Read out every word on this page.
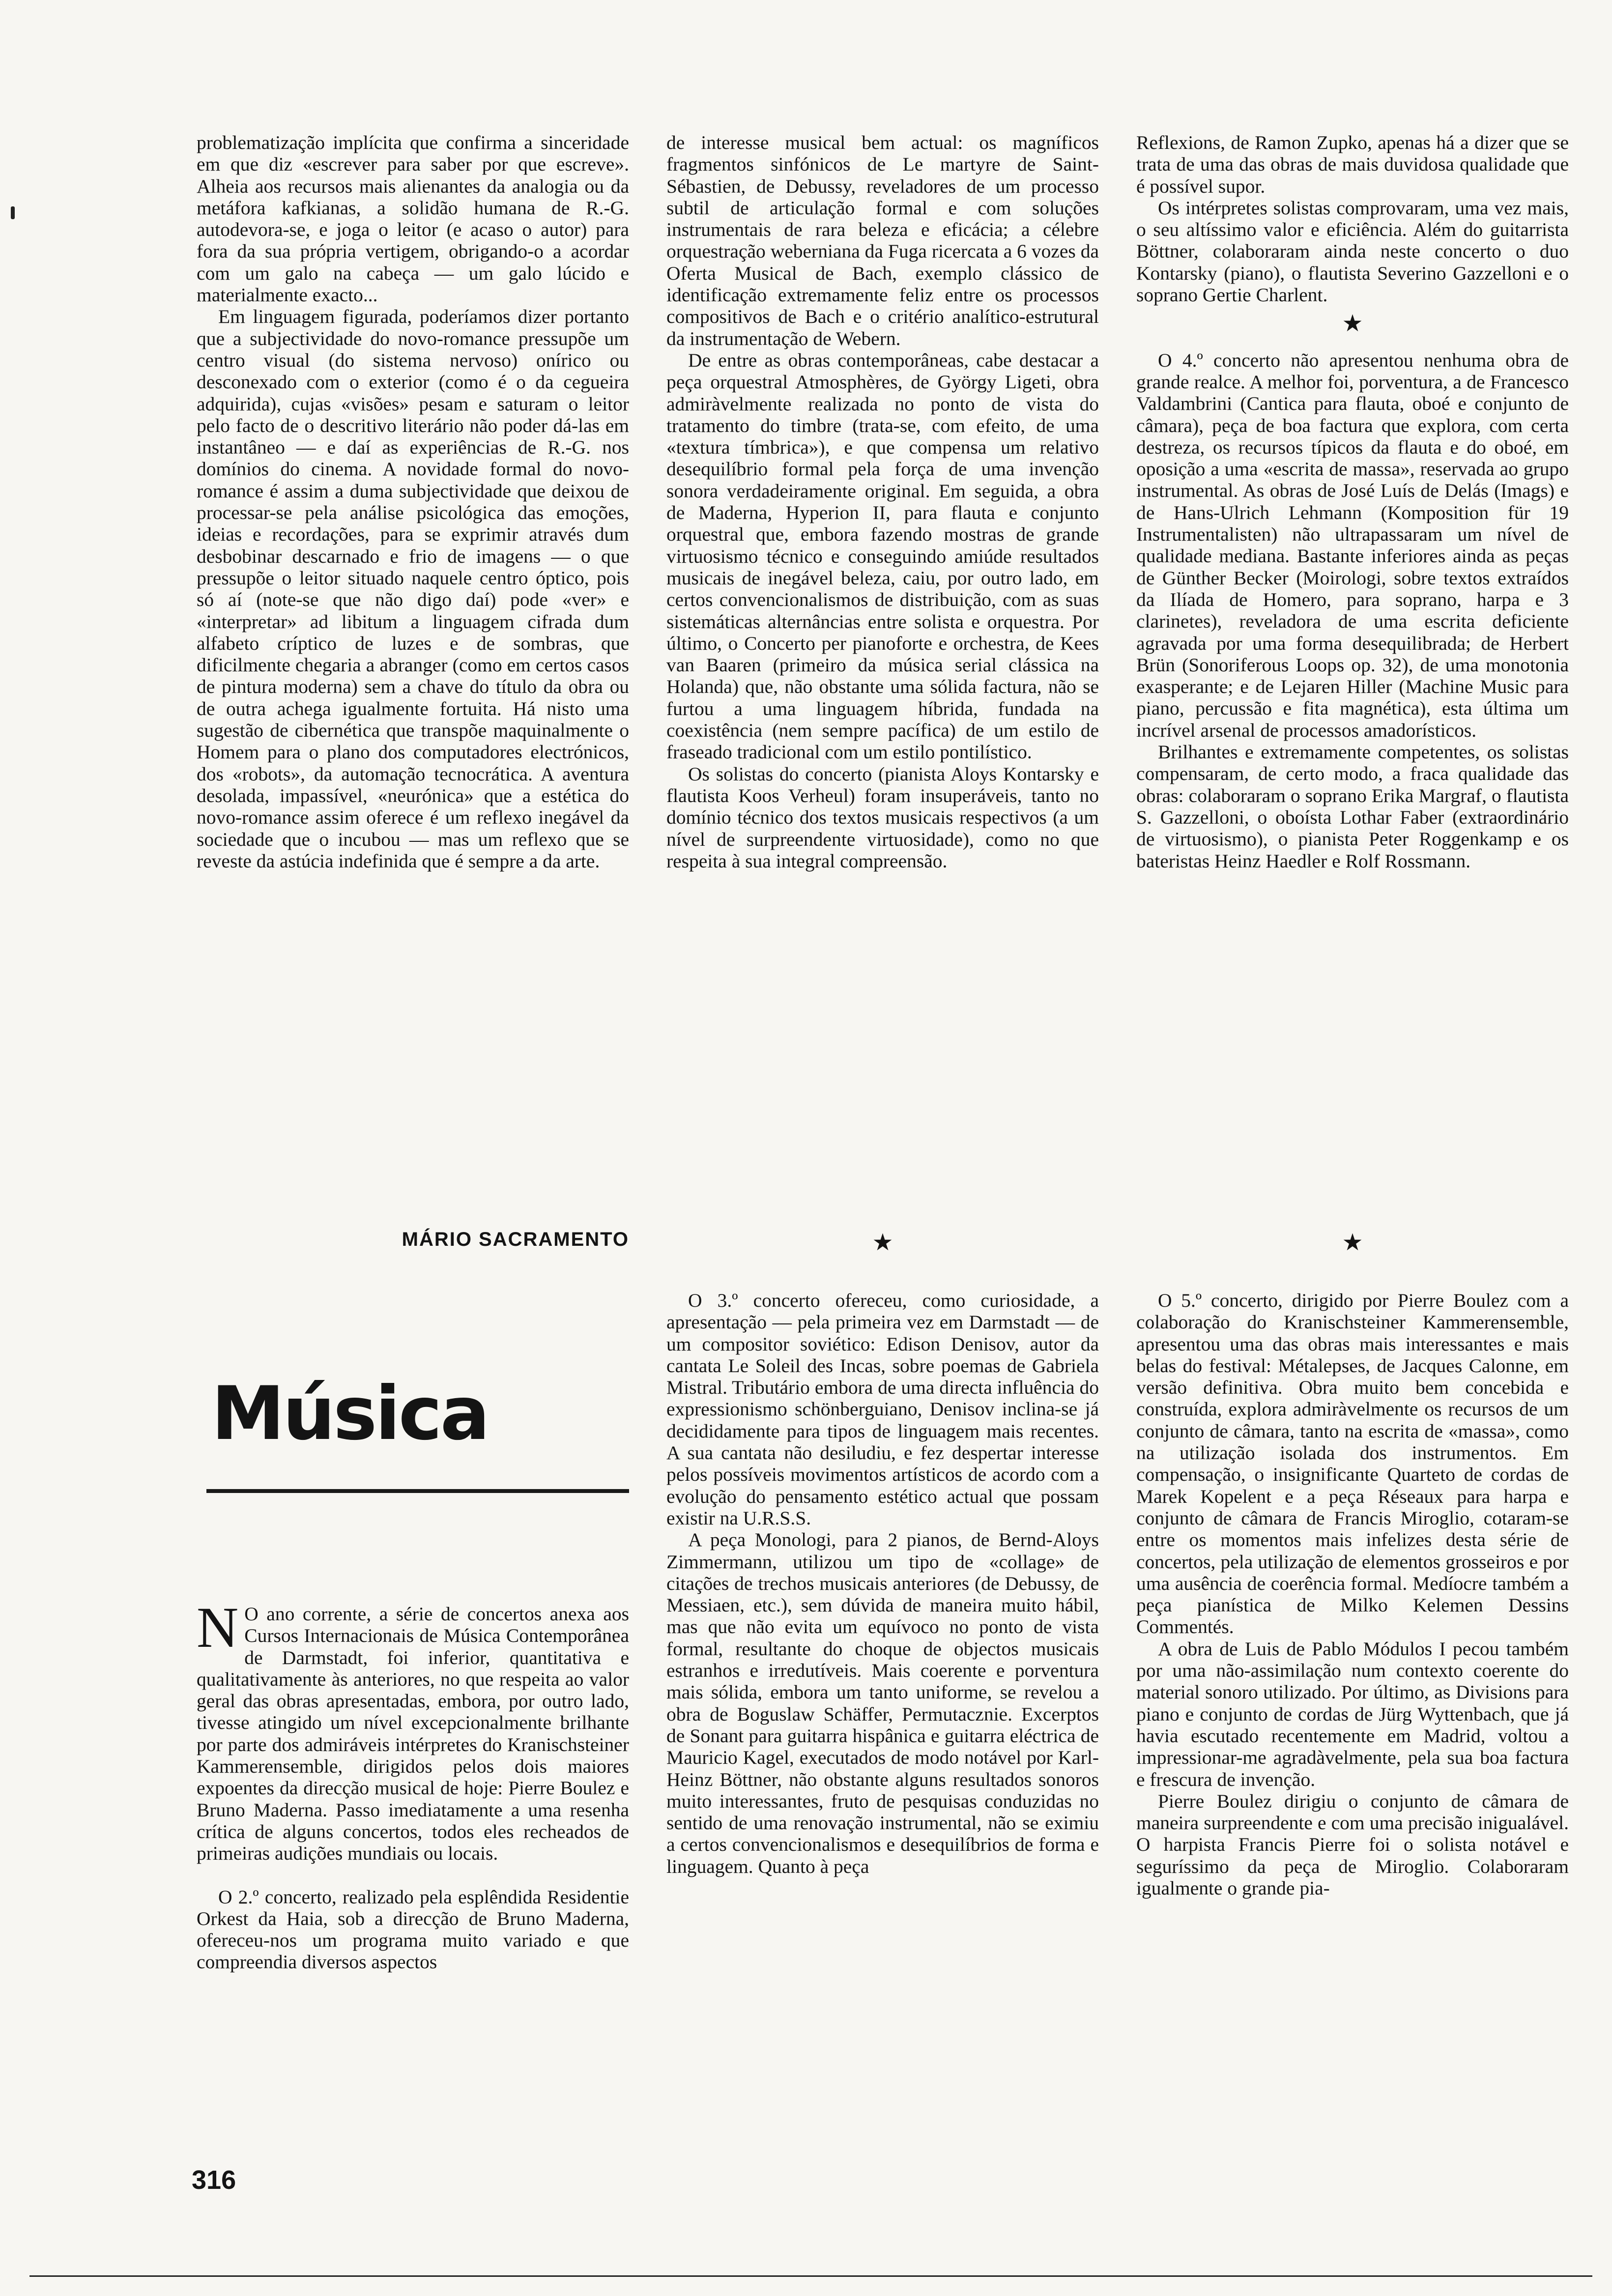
problematização implícita que confirma a sinceridade em que diz «escrever para saber por que escreve». Alheia aos recursos mais alienantes da analogia ou da metáfora kafkianas, a solidão humana de R.-G. autodevora-se, e joga o leitor (e acaso o autor) para fora da sua própria vertigem, obrigando-o a acordar com um galo na cabeça — um galo lúcido e materialmente exacto...

Em linguagem figurada, poderíamos dizer portanto que a subjectividade do novo-romance pressupõe um centro visual (do sistema nervoso) onírico ou desconexado com o exterior (como é o da cegueira adquirida), cujas «visões» pesam e saturam o leitor pelo facto de o descritivo literário não poder dá-las em instantâneo — e daí as experiências de R.-G. nos domínios do cinema. A novidade formal do novo-romance é assim a duma subjectividade que deixou de processar-se pela análise psicológica das emoções, ideias e recordações, para se exprimir através dum desbobinar descarnado e frio de imagens — o que pressupõe o leitor situado naquele centro óptico, pois só aí (note-se que não digo daí) pode «ver» e «interpretar» ad libitum a linguagem cifrada dum alfabeto críptico de luzes e de sombras, que dificilmente chegaria a abranger (como em certos casos de pintura moderna) sem a chave do título da obra ou de outra achega igualmente fortuita. Há nisto uma sugestão de cibernética que transpõe maquinalmente o Homem para o plano dos computadores electrónicos, dos «robots», da automação tecnocrática. A aventura desolada, impassível, «neurónica» que a estética do novo-romance assim oferece é um reflexo inegável da sociedade que o incubou — mas um reflexo que se reveste da astúcia indefinida que é sempre a da arte.

MÁRIO SACRAMENTO
Música

N O ano corrente, a série de concertos anexa aos Cursos Internacionais de Música Contemporânea de Darmstadt, foi inferior, quantitativa e qualitativamente às anteriores, no que respeita ao valor geral das obras apresentadas, embora, por outro lado, tivesse atingido um nível excepcionalmente brilhante por parte dos admiráveis intérpretes do Kranischsteiner Kammerensemble, dirigidos pelos dois maiores expoentes da direcção musical de hoje: Pierre Boulez e Bruno Maderna. Passo imediatamente a uma resenha crítica de alguns concertos, todos eles recheados de primeiras audições mundiais ou locais.

O 2.º concerto, realizado pela esplêndida Residentie Orkest da Haia, sob a direcção de Bruno Maderna, ofereceu-nos um programa muito variado e que compreendia diversos aspectos

de interesse musical bem actual: os magníficos fragmentos sinfónicos de Le martyre de Saint-Sébastien, de Debussy, reveladores de um processo subtil de articulação formal e com soluções instrumentais de rara beleza e eficácia; a célebre orquestração weberniana da Fuga ricercata a 6 vozes da Oferta Musical de Bach, exemplo clássico de identificação extremamente feliz entre os processos compositivos de Bach e o critério analítico-estrutural da instrumentação de Webern.

De entre as obras contemporâneas, cabe destacar a peça orquestral Atmosphères, de György Ligeti, obra admiràvelmente realizada no ponto de vista do tratamento do timbre (trata-se, com efeito, de uma «textura tímbrica»), e que compensa um relativo desequilíbrio formal pela força de uma invenção sonora verdadeiramente original. Em seguida, a obra de Maderna, Hyperion II, para flauta e conjunto orquestral que, embora fazendo mostras de grande virtuosismo técnico e conseguindo amiúde resultados musicais de inegável beleza, caiu, por outro lado, em certos convencionalismos de distribuição, com as suas sistemáticas alternâncias entre solista e orquestra. Por último, o Concerto per pianoforte e orchestra, de Kees van Baaren (primeiro da música serial clássica na Holanda) que, não obstante uma sólida factura, não se furtou a uma linguagem híbrida, fundada na coexistência (nem sempre pacífica) de um estilo de fraseado tradicional com um estilo pontilístico.

Os solistas do concerto (pianista Aloys Kontarsky e flautista Koos Verheul) foram insuperáveis, tanto no domínio técnico dos textos musicais respectivos (a um nível de surpreendente virtuosidade), como no que respeita à sua integral compreensão.

★

O 3.º concerto ofereceu, como curiosidade, a apresentação — pela primeira vez em Darmstadt — de um compositor soviético: Edison Denisov, autor da cantata Le Soleil des Incas, sobre poemas de Gabriela Mistral. Tributário embora de uma directa influência do expressionismo schönberguiano, Denisov inclina-se já decididamente para tipos de linguagem mais recentes. A sua cantata não desiludiu, e fez despertar interesse pelos possíveis movimentos artísticos de acordo com a evolução do pensamento estético actual que possam existir na U.R.S.S.

A peça Monologi, para 2 pianos, de Bernd-Aloys Zimmermann, utilizou um tipo de «collage» de citações de trechos musicais anteriores (de Debussy, de Messiaen, etc.), sem dúvida de maneira muito hábil, mas que não evita um equívoco no ponto de vista formal, resultante do choque de objectos musicais estranhos e irredutíveis. Mais coerente e porventura mais sólida, embora um tanto uniforme, se revelou a obra de Boguslaw Schäffer, Permutacznie. Excerptos de Sonant para guitarra hispânica e guitarra eléctrica de Mauricio Kagel, executados de modo notável por Karl-Heinz Böttner, não obstante alguns resultados sonoros muito interessantes, fruto de pesquisas conduzidas no sentido de uma renovação instrumental, não se eximiu a certos convencionalismos e desequilíbrios de forma e linguagem. Quanto à peça

Reflexions, de Ramon Zupko, apenas há a dizer que se trata de uma das obras de mais duvidosa qualidade que é possível supor.

Os intérpretes solistas comprovaram, uma vez mais, o seu altíssimo valor e eficiência. Além do guitarrista Böttner, colaboraram ainda neste concerto o duo Kontarsky (piano), o flautista Severino Gazzelloni e o soprano Gertie Charlent.

★

O 4.º concerto não apresentou nenhuma obra de grande realce. A melhor foi, porventura, a de Francesco Valdambrini (Cantica para flauta, oboé e conjunto de câmara), peça de boa factura que explora, com certa destreza, os recursos típicos da flauta e do oboé, em oposição a uma «escrita de massa», reservada ao grupo instrumental. As obras de José Luís de Delás (Imags) e de Hans-Ulrich Lehmann (Komposition für 19 Instrumentalisten) não ultrapassaram um nível de qualidade mediana. Bastante inferiores ainda as peças de Günther Becker (Moirologi, sobre textos extraídos da Ilíada de Homero, para soprano, harpa e 3 clarinetes), reveladora de uma escrita deficiente agravada por uma forma desequilibrada; de Herbert Brün (Sonoriferous Loops op. 32), de uma monotonia exasperante; e de Lejaren Hiller (Machine Music para piano, percussão e fita magnética), esta última um incrível arsenal de processos amadorísticos.

Brilhantes e extremamente competentes, os solistas compensaram, de certo modo, a fraca qualidade das obras: colaboraram o soprano Erika Margraf, o flautista S. Gazzelloni, o oboísta Lothar Faber (extraordinário de virtuosismo), o pianista Peter Roggenkamp e os bateristas Heinz Haedler e Rolf Rossmann.

★

O 5.º concerto, dirigido por Pierre Boulez com a colaboração do Kranischsteiner Kammerensemble, apresentou uma das obras mais interessantes e mais belas do festival: Métalepses, de Jacques Calonne, em versão definitiva. Obra muito bem concebida e construída, explora admiràvelmente os recursos de um conjunto de câmara, tanto na escrita de «massa», como na utilização isolada dos instrumentos. Em compensação, o insignificante Quarteto de cordas de Marek Kopelent e a peça Réseaux para harpa e conjunto de câmara de Francis Miroglio, cotaram-se entre os momentos mais infelizes desta série de concertos, pela utilização de elementos grosseiros e por uma ausência de coerência formal. Medíocre também a peça pianística de Milko Kelemen Dessins Commentés.

A obra de Luis de Pablo Módulos I pecou também por uma não-assimilação num contexto coerente do material sonoro utilizado. Por último, as Divisions para piano e conjunto de cordas de Jürg Wyttenbach, que já havia escutado recentemente em Madrid, voltou a impressionar-me agradàvelmente, pela sua boa factura e frescura de invenção.

Pierre Boulez dirigiu o conjunto de câmara de maneira surpreendente e com uma precisão inigualável. O harpista Francis Pierre foi o solista notável e seguríssimo da peça de Miroglio. Colaboraram igualmente o grande pia-

316
